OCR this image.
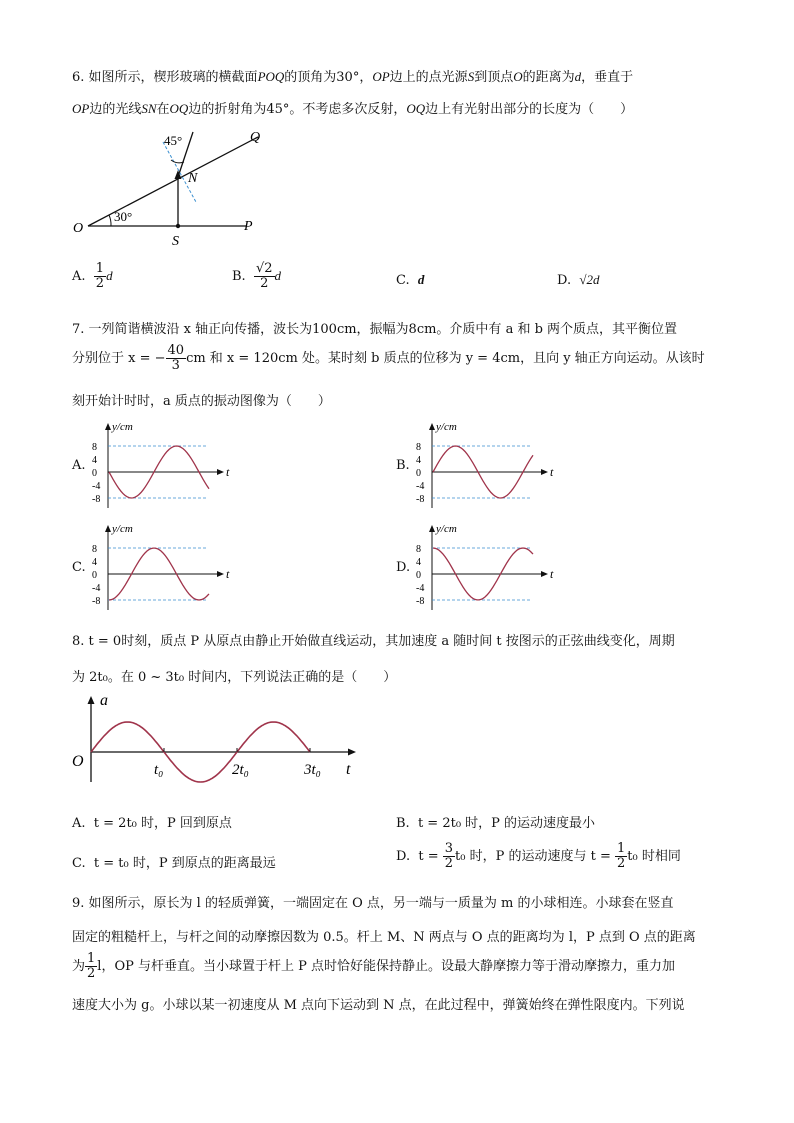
6. 如图所示，楔形玻璃的横截面POQ的顶角为30°，OP边上的点光源S到顶点O的距离为d，垂直于
OP边的光线SN在OQ边的折射角为45°。不考虑多次反射，OQ边上有光射出部分的长度为（　　）
45°
30°
O	P
Q
S
N
A. $\frac{1}{2}$ d	B. $\frac{√2}{2}$ d	C. d	D. √2d
7. 一列简谐横波沿 x 轴正向传播，波长为100cm，振幅为8cm。介质中有 a 和 b 两个质点，其平衡位置
分别位于 x = − $\frac{40}{3}$ cm 和 x = 120cm 处。某时刻 b 质点的位移为 y = 4cm，且向 y 轴正方向运动。从该时
刻开始计时时，a 质点的振动图像为（　　）
A.
8
4
0
-4
-8
y/cm
t	B.
8
4
0
-4
-8
y/cm
t
C.
8
4
0
-4
-8
y/cm
t	D.
8
4
0
-4
-8
y/cm
t
8. t = 0时刻，质点 P 从原点由静止开始做直线运动，其加速度 a 随时间 t 按图示的正弦曲线变化，周期
为 2t₀。在 0 ~ 3t₀ 时间内，下列说法正确的是（　　）
a
O	t₀	2t₀	3t₀ t
A. t = 2t₀ 时，P 回到原点	B. t = 2t₀ 时，P 的运动速度最小
C. t = t₀ 时，P 到原点的距离最远	D. $t = \frac{3}{2} t_0$ 时，P 的运动速度与 $t = \frac{1}{2} t_0$ 时相同
9. 如图所示，原长为 l 的轻质弹簧，一端固定在 O 点，另一端与一质量为 m 的小球相连。小球套在竖直
固定的粗糙杆上，与杆之间的动摩擦因数为 0.5。杆上 M、N 两点与 O 点的距离均为 l，P 点到 O 点的距离
为 $\frac{1}{2}$ l，OP 与杆垂直。当小球置于杆上 P 点时恰好能保持静止。设最大静摩擦力等于滑动摩擦力，重力加
速度大小为 g。小球以某一初速度从 M 点向下运动到 N 点，在此过程中，弹簧始终在弹性限度内。下列说
